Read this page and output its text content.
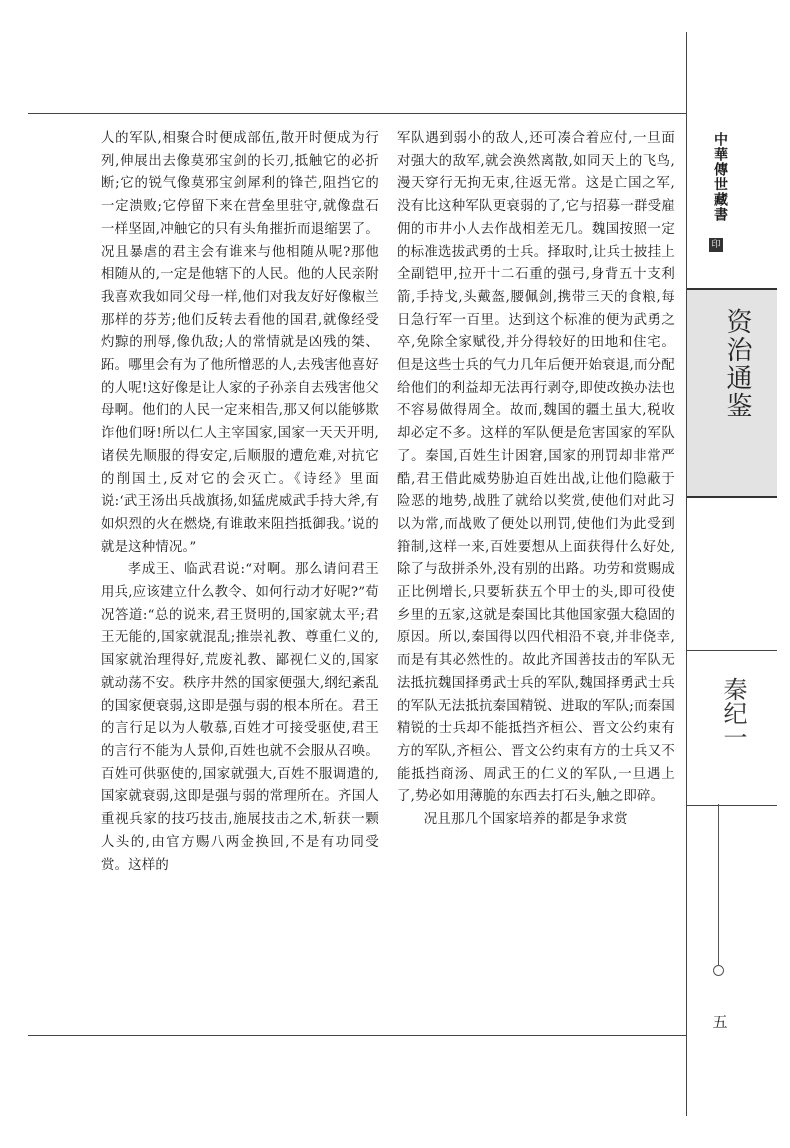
人的军队,相聚合时便成部伍,散开时便成为行列,伸展出去像莫邪宝剑的长刃,抵触它的必折断;它的锐气像莫邪宝剑犀利的锋芒,阻挡它的一定溃败;它停留下来在营垒里驻守,就像盘石一样坚固,冲触它的只有头角摧折而退缩罢了。况且暴虐的君主会有谁来与他相随从呢?那他相随从的,一定是他辖下的人民。他的人民亲附我喜欢我如同父母一样,他们对我友好好像椒兰那样的芬芳;他们反转去看他的国君,就像经受灼黥的刑辱,像仇敌;人的常情就是凶残的桀、跖。哪里会有为了他所憎恶的人,去残害他喜好的人呢!这好像是让人家的子孙亲自去残害他父母啊。他们的人民一定来相告,那又何以能够欺诈他们呀!所以仁人主宰国家,国家一天天开明,诸侯先顺服的得安定,后顺服的遭危难,对抗它的削国土,反对它的会灭亡。《诗经》里面说:‘武王汤出兵战旗扬,如猛虎威武手持大斧,有如炽烈的火在燃烧,有谁敢来阻挡抵御我。’说的就是这种情况。”

孝成王、临武君说:“对啊。那么请问君王用兵,应该建立什么教令、如何行动才好呢?”荀况答道:“总的说来,君王贤明的,国家就太平;君王无能的,国家就混乱;推崇礼教、尊重仁义的,国家就治理得好,荒废礼教、鄙视仁义的,国家就动荡不安。秩序井然的国家便强大,纲纪紊乱的国家便衰弱,这即是强与弱的根本所在。君王的言行足以为人敬慕,百姓才可接受驱使,君王的言行不能为人景仰,百姓也就不会服从召唤。百姓可供驱使的,国家就强大,百姓不服调遣的,国家就衰弱,这即是强与弱的常理所在。齐国人重视兵家的技巧技击,施展技击之术,斩获一颗人头的,由官方赐八两金换回,不是有功同受赏。这样的

军队遇到弱小的敌人,还可凑合着应付,一旦面对强大的敌军,就会涣然离散,如同天上的飞鸟,漫天穿行无拘无束,往返无常。这是亡国之军,没有比这种军队更衰弱的了,它与招募一群受雇佣的市井小人去作战相差无几。魏国按照一定的标准选拔武勇的士兵。择取时,让兵士披挂上全副铠甲,拉开十二石重的强弓,身背五十支利箭,手持戈,头戴盔,腰佩剑,携带三天的食粮,每日急行军一百里。达到这个标准的便为武勇之卒,免除全家赋役,并分得较好的田地和住宅。但是这些士兵的气力几年后便开始衰退,而分配给他们的利益却无法再行剥夺,即使改换办法也不容易做得周全。故而,魏国的疆土虽大,税收却必定不多。这样的军队便是危害国家的军队了。秦国,百姓生计困窘,国家的刑罚却非常严酷,君王借此威势胁迫百姓出战,让他们隐蔽于险恶的地势,战胜了就给以奖赏,使他们对此习以为常,而战败了便处以刑罚,使他们为此受到箝制,这样一来,百姓要想从上面获得什么好处,除了与敌拼杀外,没有别的出路。功劳和赏赐成正比例增长,只要斩获五个甲士的头,即可役使乡里的五家,这就是秦国比其他国家强大稳固的原因。所以,秦国得以四代相沿不衰,并非侥幸,而是有其必然性的。故此齐国善技击的军队无法抵抗魏国择勇武士兵的军队,魏国择勇武士兵的军队无法抵抗秦国精锐、进取的军队;而秦国精锐的士兵却不能抵挡齐桓公、晋文公约束有方的军队,齐桓公、晋文公约束有方的士兵又不能抵挡商汤、周武王的仁义的军队,一旦遇上了,势必如用薄脆的东西去打石头,触之即碎。

况且那几个国家培养的都是争求赏

中華傳世藏書
印
资治通鉴
秦纪一
五
